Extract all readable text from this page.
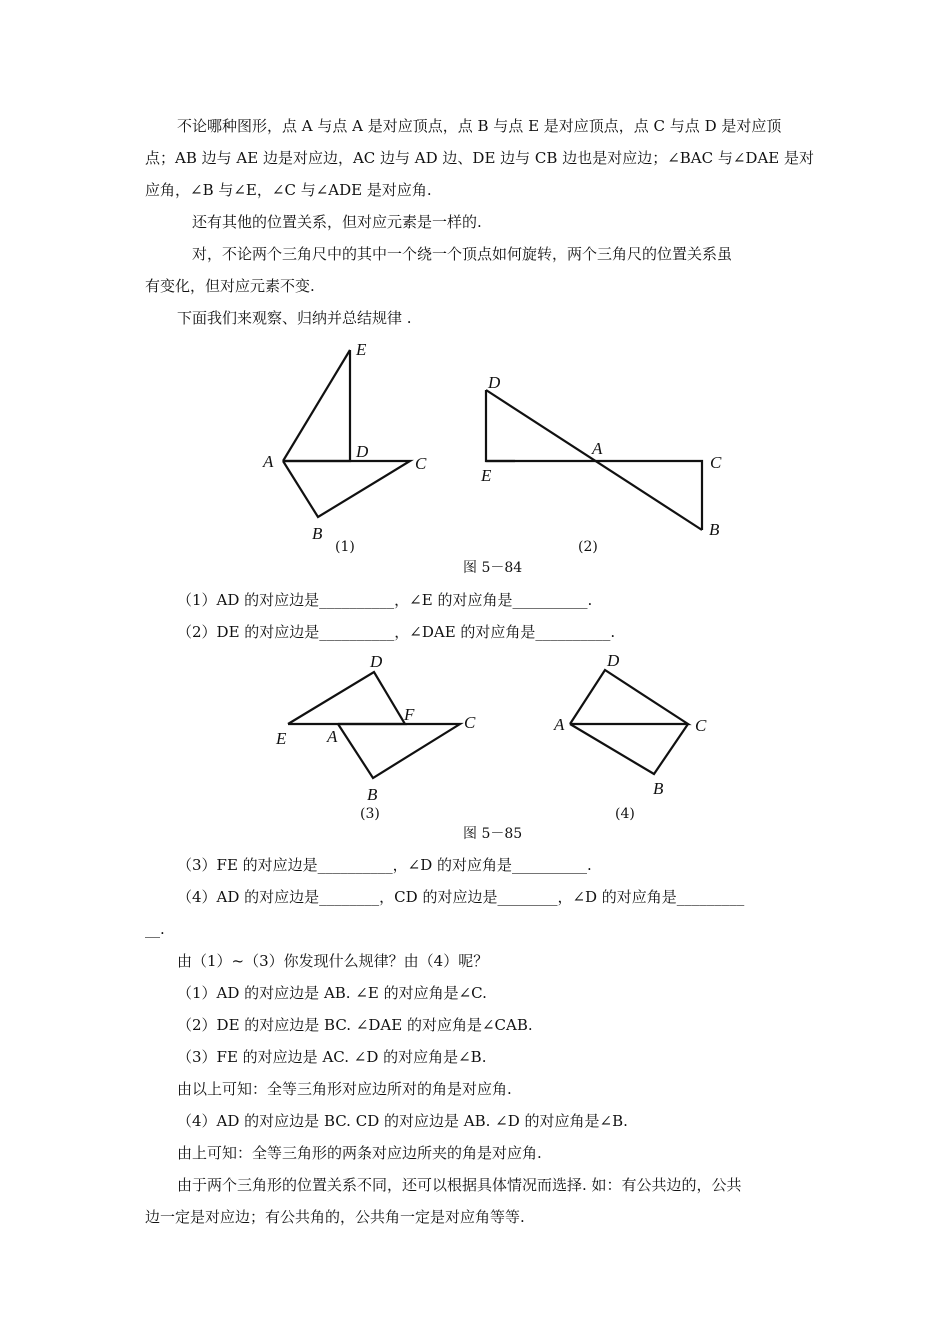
不论哪种图形，点 A 与点 A 是对应顶点，点 B 与点 E 是对应顶点，点 C 与点 D 是对应顶
点；AB 边与 AE 边是对应边，AC 边与 AD 边、DE 边与 CB 边也是对应边；∠BAC 与∠DAE 是对
应角，∠B 与∠E，∠C 与∠ADE 是对应角.
还有其他的位置关系，但对应元素是一样的.
对，不论两个三角尺中的其中一个绕一个顶点如何旋转，两个三角尺的位置关系虽
有变化，但对应元素不变.
下面我们来观察、归纳并总结规律 .
E
A
D
C
B
(1)
D
A
E
C
B
(2)
图 5－84
（1）AD 的对应边是__________，∠E 的对应角是__________.
（2）DE 的对应边是__________，∠DAE 的对应角是__________.
D
F	C
E A
B
(3)
D
A	C
B
(4)
图 5－85
（3）FE 的对应边是__________，∠D 的对应角是__________.
（4）AD 的对应边是________，CD 的对应边是________，∠D 的对应角是_________
__.
由（1）~（3）你发现什么规律？由（4）呢？
（1）AD 的对应边是 AB. ∠E 的对应角是∠C.
（2）DE 的对应边是 BC. ∠DAE 的对应角是∠CAB.
（3）FE 的对应边是 AC. ∠D 的对应角是∠B.
由以上可知：全等三角形对应边所对的角是对应角.
（4）AD 的对应边是 BC. CD 的对应边是 AB. ∠D 的对应角是∠B.
由上可知：全等三角形的两条对应边所夹的角是对应角.
由于两个三角形的位置关系不同，还可以根据具体情况而选择. 如：有公共边的，公共
边一定是对应边；有公共角的，公共角一定是对应角等等.
